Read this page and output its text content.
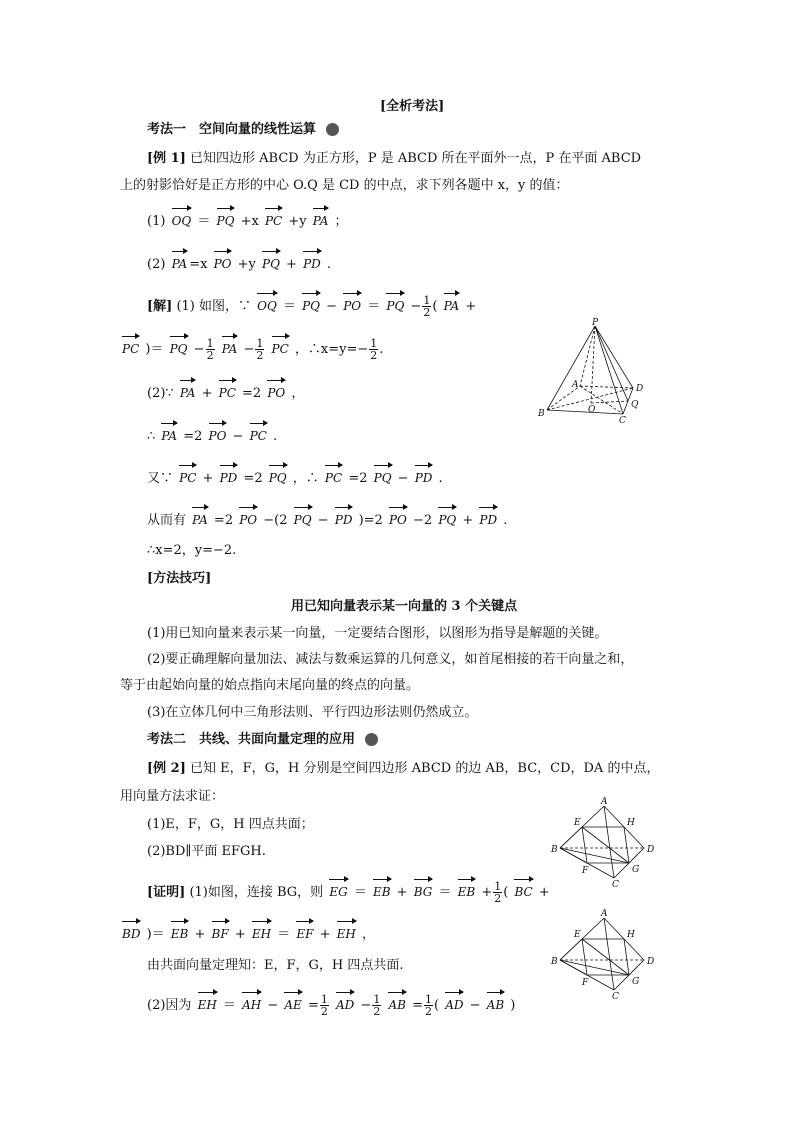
[全析考法]
考法一　空间向量的线性运算
[例 1] 已知四边形 ABCD 为正方形，P 是 ABCD 所在平面外一点，P 在平面 ABCD
上的射影恰好是正方形的中心 O.Q 是 CD 的中点，求下列各题中 x，y 的值：
(1) OQ ＝ PQ +x PC +y PA ；
(2) PA =x PO +y PQ + PD .
[解] (1) 如图，∵ OQ ＝ PQ − PO ＝ PQ − $\frac{1}{2}$ ( PA +
PC )＝ PQ − $\frac{1}{2}$ PA − $\frac{1}{2}$ PC ，∴x=y=− $\frac{1}{2}$ .
(2)∵ PA + PC =2 PO ，
∴ PA =2 PO − PC .
又∵ PC + PD =2 PQ ，∴ PC =2 PQ − PD .
从而有 PA =2 PO −(2 PQ − PD )=2 PO −2 PQ + PD .
∴x=2，y=−2.
[方法技巧]
用已知向量表示某一向量的 3 个关键点
(1)用已知向量来表示某一向量，一定要结合图形，以图形为指导是解题的关键。
(2)要正确理解向量加法、减法与数乘运算的几何意义，如首尾相接的若干向量之和，
等于由起始向量的始点指向末尾向量的终点的向量。
(3)在立体几何中三角形法则、平行四边形法则仍然成立。
考法二　共线、共面向量定理的应用
[例 2] 已知 E，F，G，H 分别是空间四边形 ABCD 的边 AB，BC，CD，DA 的中点，
用向量方法求证：
(1)E，F，G，H 四点共面；
(2)BD∥平面 EFGH.
[证明] (1)如图，连接 BG，则 EG ＝ EB + BG ＝ EB + $\frac{1}{2}$ ( BC +
BD )＝ EB + BF + EH ＝ EF + EH ，
由共面向量定理知：E，F，G，H 四点共面.
(2)因为 EH ＝ AH − AE = $\frac{1}{2}$ AD − $\frac{1}{2}$ AB = $\frac{1}{2}$ ( AD − AB )
P
A	D
B	O	Q
C
A
E	H
B	D
F	G
C
A
E	H
B	D
F	G
C
